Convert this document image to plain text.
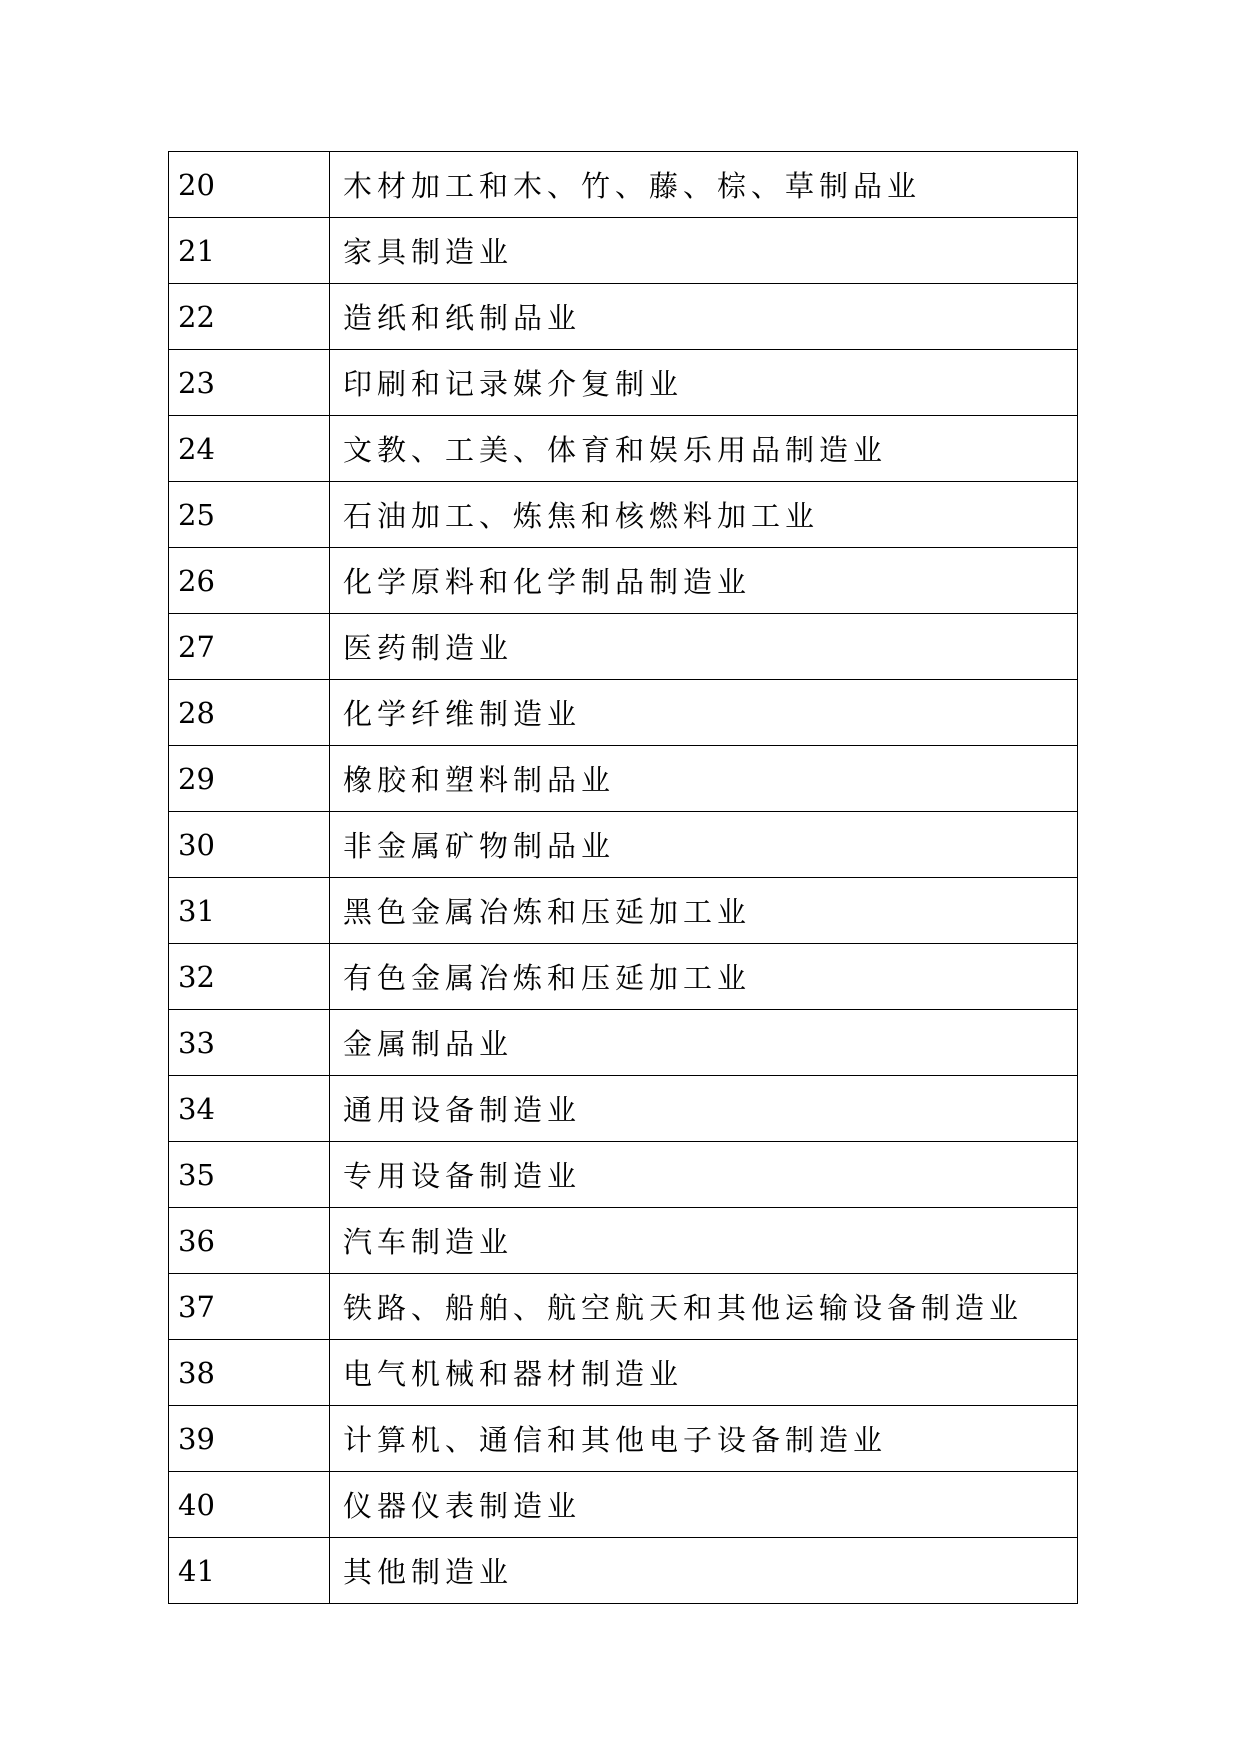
20	木材加工和木、竹、藤、棕、草制品业
21	家具制造业
22	造纸和纸制品业
23	印刷和记录媒介复制业
24	文教、工美、体育和娱乐用品制造业
25	石油加工、炼焦和核燃料加工业
26	化学原料和化学制品制造业
27	医药制造业
28	化学纤维制造业
29	橡胶和塑料制品业
30	非金属矿物制品业
31	黑色金属冶炼和压延加工业
32	有色金属冶炼和压延加工业
33	金属制品业
34	通用设备制造业
35	专用设备制造业
36	汽车制造业
37	铁路、船舶、航空航天和其他运输设备制造业
38	电气机械和器材制造业
39	计算机、通信和其他电子设备制造业
40	仪器仪表制造业
41	其他制造业
